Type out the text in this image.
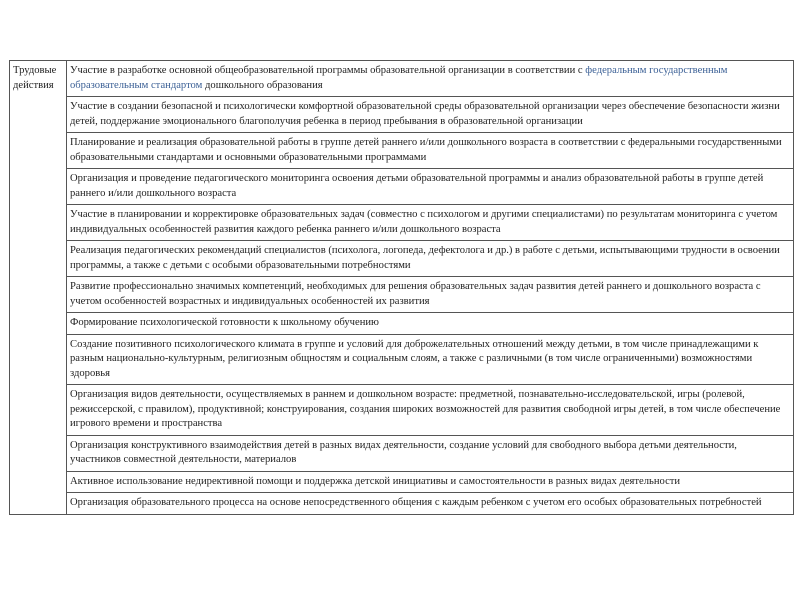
Трудовые действия	Участие в разработке основной общеобразовательной программы образовательной организации в соответствии с федеральным государственным образовательным стандартом дошкольного образования
Участие в создании безопасной и психологически комфортной образовательной среды образовательной организации через обеспечение безопасности жизни детей, поддержание эмоционального благополучия ребенка в период пребывания в образовательной организации
Планирование и реализация образовательной работы в группе детей раннего и/или дошкольного возраста в соответствии с федеральными государственными образовательными стандартами и основными образовательными программами
Организация и проведение педагогического мониторинга освоения детьми образовательной программы и анализ образовательной работы в группе детей раннего и/или дошкольного возраста
Участие в планировании и корректировке образовательных задач (совместно с психологом и другими специалистами) по результатам мониторинга с учетом индивидуальных особенностей развития каждого ребенка раннего и/или дошкольного возраста
Реализация педагогических рекомендаций специалистов (психолога, логопеда, дефектолога и др.) в работе с детьми, испытывающими трудности в освоении программы, а также с детьми с особыми образовательными потребностями
Развитие профессионально значимых компетенций, необходимых для решения образовательных задач развития детей раннего и дошкольного возраста с учетом особенностей возрастных и индивидуальных особенностей их развития
Формирование психологической готовности к школьному обучению
Создание позитивного психологического климата в группе и условий для доброжелательных отношений между детьми, в том числе принадлежащими к разным национально-культурным, религиозным общностям и социальным слоям, а также с различными (в том числе ограниченными) возможностями здоровья
Организация видов деятельности, осуществляемых в раннем и дошкольном возрасте: предметной, познавательно-исследовательской, игры (ролевой, режиссерской, с правилом), продуктивной; конструирования, создания широких возможностей для развития свободной игры детей, в том числе обеспечение игрового времени и пространства
Организация конструктивного взаимодействия детей в разных видах деятельности, создание условий для свободного выбора детьми деятельности, участников совместной деятельности, материалов
Активное использование недирективной помощи и поддержка детской инициативы и самостоятельности в разных видах деятельности
Организация образовательного процесса на основе непосредственного общения с каждым ребенком с учетом его особых образовательных потребностей
